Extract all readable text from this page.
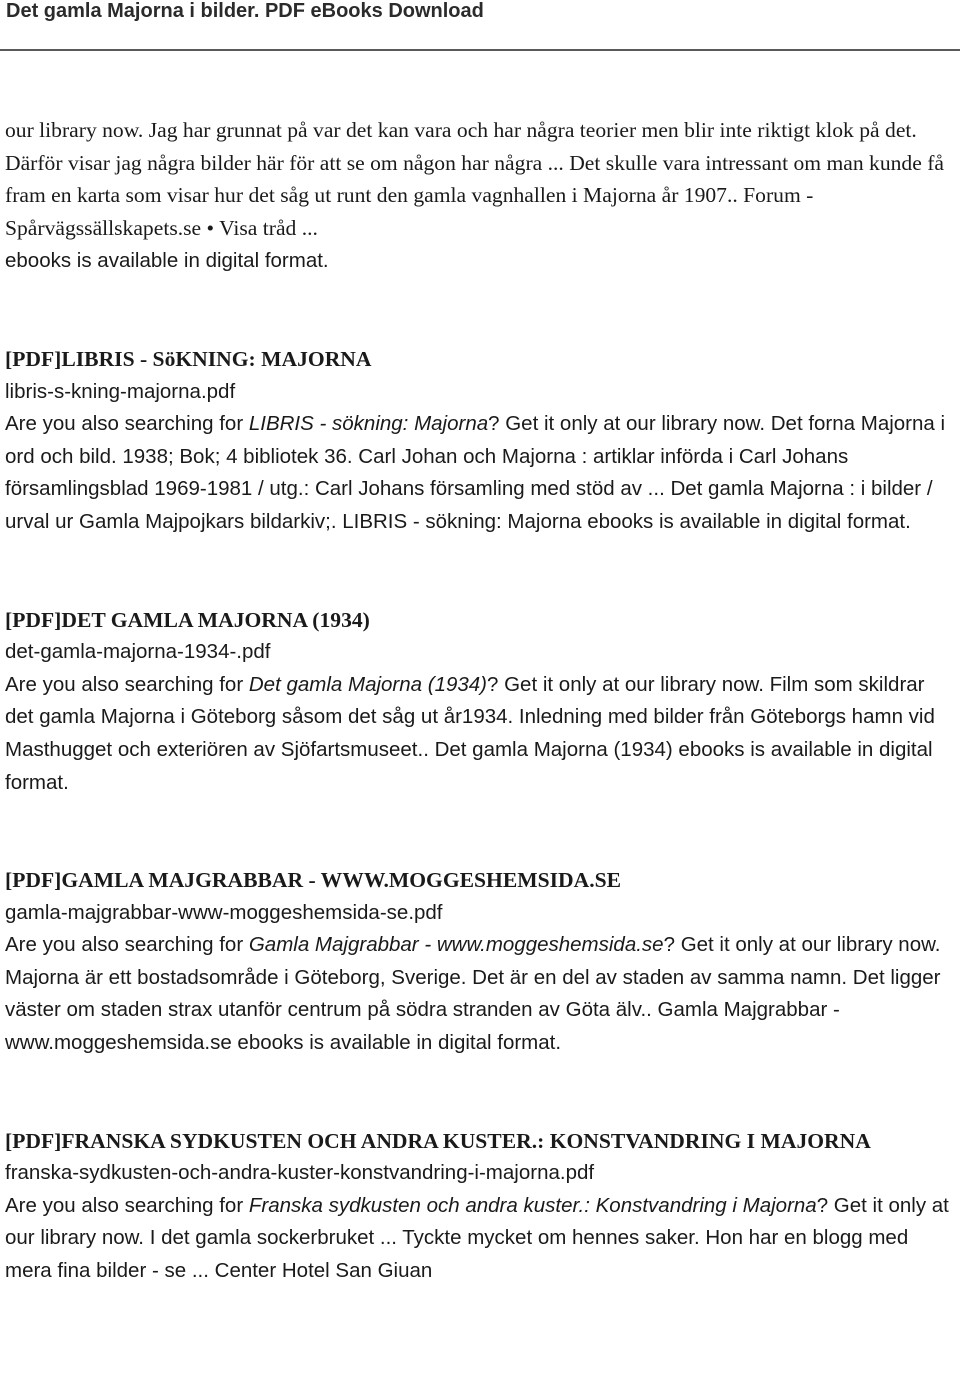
Det gamla Majorna i bilder. PDF eBooks Download

our library now. Jag har grunnat på var det kan vara och har några teorier men blir inte riktigt klok på det. Därför visar jag några bilder här för att se om någon har några ... Det skulle vara intressant om man kunde få fram en karta som visar hur det såg ut runt den gamla vagnhallen i Majorna år 1907.. Forum - Spårvägssällskapets.se • Visa tråd ...
ebooks is available in digital format.

[PDF]LIBRIS - SöKNING: MAJORNA

libris-s-kning-majorna.pdf

Are you also searching for LIBRIS - sökning: Majorna? Get it only at our library now. Det forna Majorna i ord och bild. 1938; Bok; 4 bibliotek 36. Carl Johan och Majorna : artiklar införda i Carl Johans församlingsblad 1969-1981 / utg.: Carl Johans församling med stöd av ... Det gamla Majorna : i bilder / urval ur Gamla Majpojkars bildarkiv;. LIBRIS - sökning: Majorna ebooks is available in digital format.

[PDF]DET GAMLA MAJORNA (1934)

det-gamla-majorna-1934-.pdf

Are you also searching for Det gamla Majorna (1934)? Get it only at our library now. Film som skildrar det gamla Majorna i Göteborg såsom det såg ut år1934. Inledning med bilder från Göteborgs hamn vid Masthugget och exteriören av Sjöfartsmuseet.. Det gamla Majorna (1934) ebooks is available in digital format.

[PDF]GAMLA MAJGRABBAR - WWW.MOGGESHEMSIDA.SE

gamla-majgrabbar-www-moggeshemsida-se.pdf

Are you also searching for Gamla Majgrabbar - www.moggeshemsida.se? Get it only at our library now. Majorna är ett bostadsområde i Göteborg, Sverige. Det är en del av staden av samma namn. Det ligger väster om staden strax utanför centrum på södra stranden av Göta älv.. Gamla Majgrabbar - www.moggeshemsida.se ebooks is available in digital format.

[PDF]FRANSKA SYDKUSTEN OCH ANDRA KUSTER.: KONSTVANDRING I MAJORNA

franska-sydkusten-och-andra-kuster-konstvandring-i-majorna.pdf

Are you also searching for Franska sydkusten och andra kuster.: Konstvandring i Majorna? Get it only at our library now. I det gamla sockerbruket ... Tyckte mycket om hennes saker. Hon har en blogg med mera fina bilder - se ... Center Hotel San Giuan
